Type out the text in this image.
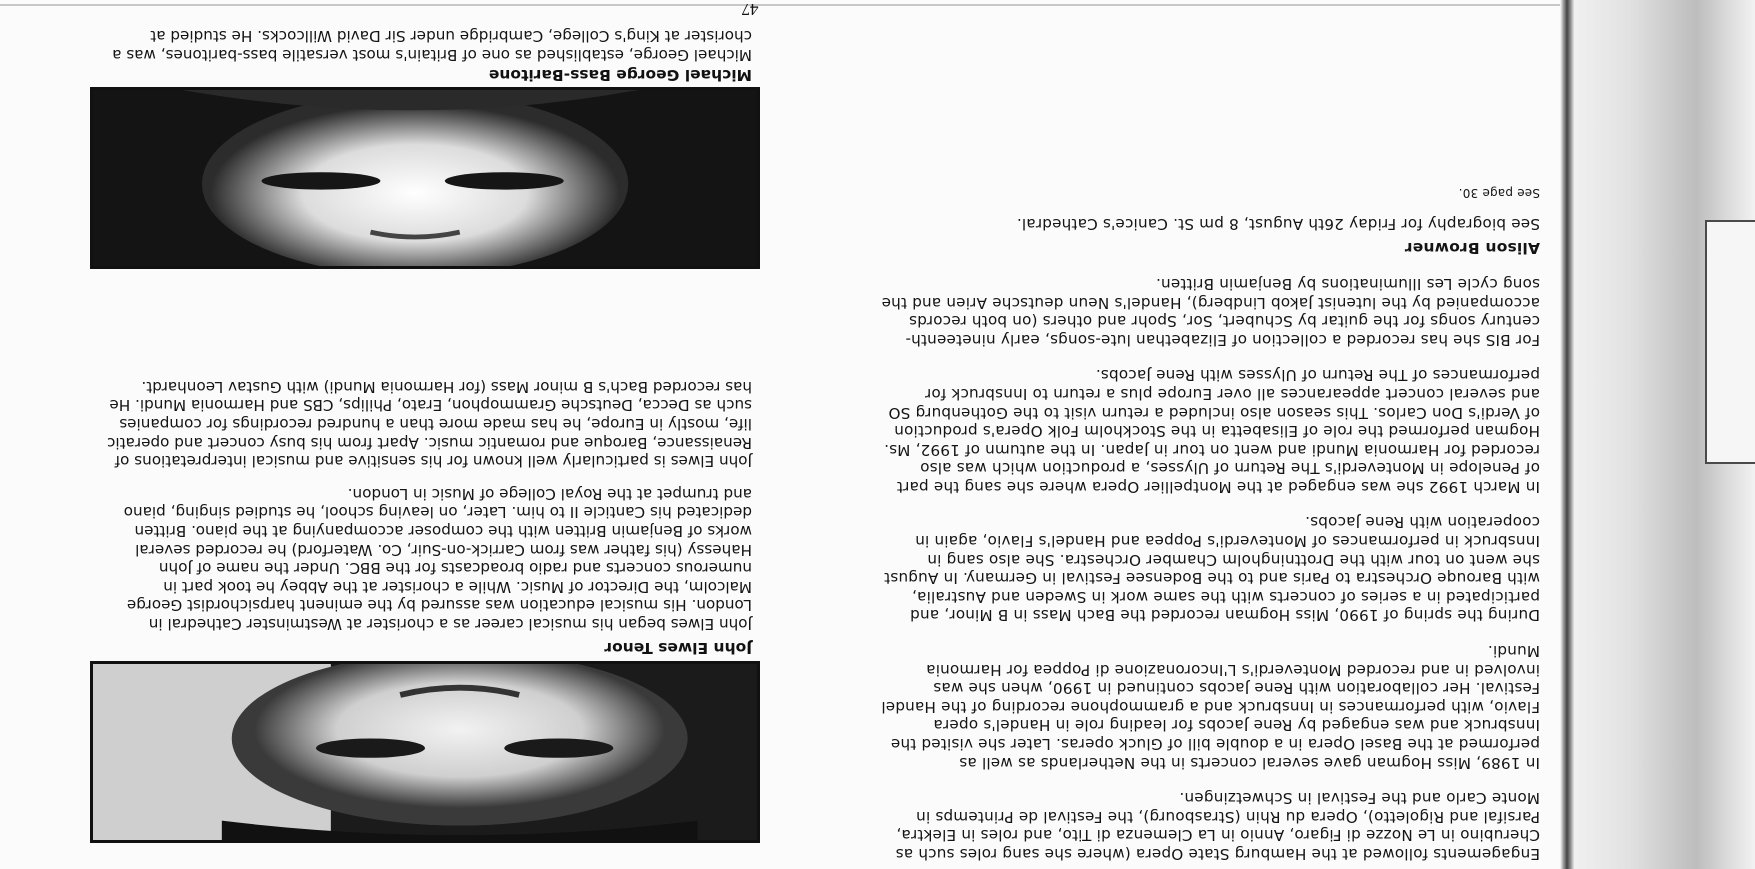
47

Engagements followed at the Hamburg State Opera (where she sang roles such as Cherubino in Le Nozze di Figaro, Annio in La Clemenza di Tito, and roles in Elektra, Parsifal and Rigoletto), Opera du Rhin (Strasbourg), the Festival de Printemps in Monte Carlo and the Festival in Schwetzingen.

In 1989, Miss Hogman gave several concerts in the Netherlands as well as performed at the Basel Opera in a double bill of Gluck operas. Later she visited the Innsbruck and was engaged by Rene Jacobs for leading role in Handel's opera Flavio, with performances in Innsbruck and a grammophone recording of the Handel Festival. Her collaboration with Rene Jacobs continued in 1990, when she was involved in and recorded Monteverdi's L'Incoronazione di Poppea for Harmonia Mundi.

During the spring of 1990, Miss Hogman recorded the Bach Mass in B Minor, and participated in a series of concerts with the same work in Sweden and Australia, with Barouqe Orchestra to Paris and to the Bodensee Festival in Germany. In August she went on tour with the Drottningholm Chamber Orchestra. She also sang in Innsbruck in performances of Monteverdi's Poppea and Handel's Flavio, again in cooperation with Rene Jacobs.

In March 1992 she was engaged at the Montpellier Opera where she sang the part of Penelope in Monteverdi's The Return of Ulysses, a production which was also recorded for Harmonia Mundi and went on tour in Japan. In the autumn of 1992, Ms. Hogman performed the role of Elisabetta in the Stockholm Folk Opera's production of Verdi's Don Carlos. This season also included a return visit to the Gothenburg SO and several concert appearances all over Europe plus a return to Innsbruck for performances of The Return of Ulysses with Rene Jacobs.

For BIS she has recorded a collection of Elizabethan lute-songs, early nineteenth-century songs for the guitar by Schubert, Sor, Spohr and others (on both records accompanied by the lutenist Jakob Lindberg), Handel's Neun deutsche Arien and the song cycle Les Illuminations by Benjamin Britten.

Alison Browner

See biography for Friday 26th August, 8 pm St. Canice's Cathedral.

See page 30.

John Elwes Tenor

John Elwes began his musical career as a chorister at Westminster Cathedral in London. His musical education was assured by the eminent harpsichordist George Malcolm, the Director of Music. While a chorister at the Abbey he took part in numerous concerts and radio broadcasts for the BBC. Under the name of John Hahessy (his father was from Carrick-on-Suir, Co. Waterford) he recorded several works of Benjamin Britten with the composer accompanying at the piano. Britten dedicated his Canticle II to him. Later, on leaving school, he studied singing, piano and trumpet at the Royal College of Music in London.

John Elwes is particularly well known for his sensitive and musical interpretations of Renaissance, Baroque and romantic music. Apart from his busy concert and operatic life, mostly in Europe, he has made more than a hundred recordings for companies such as Decca, Deutsche Grammophon, Erato, Philips, CBS and Harmonia Mundi. He has recorded Bach's B minor Mass (for Harmonia Mundi) with Gustav Leonhardt.

Michael George Bass-Baritone

Michael George, established as one of Britain's most versatile bass-baritones, was a chorister at King's College, Cambridge under Sir David Willcocks. He studied at
